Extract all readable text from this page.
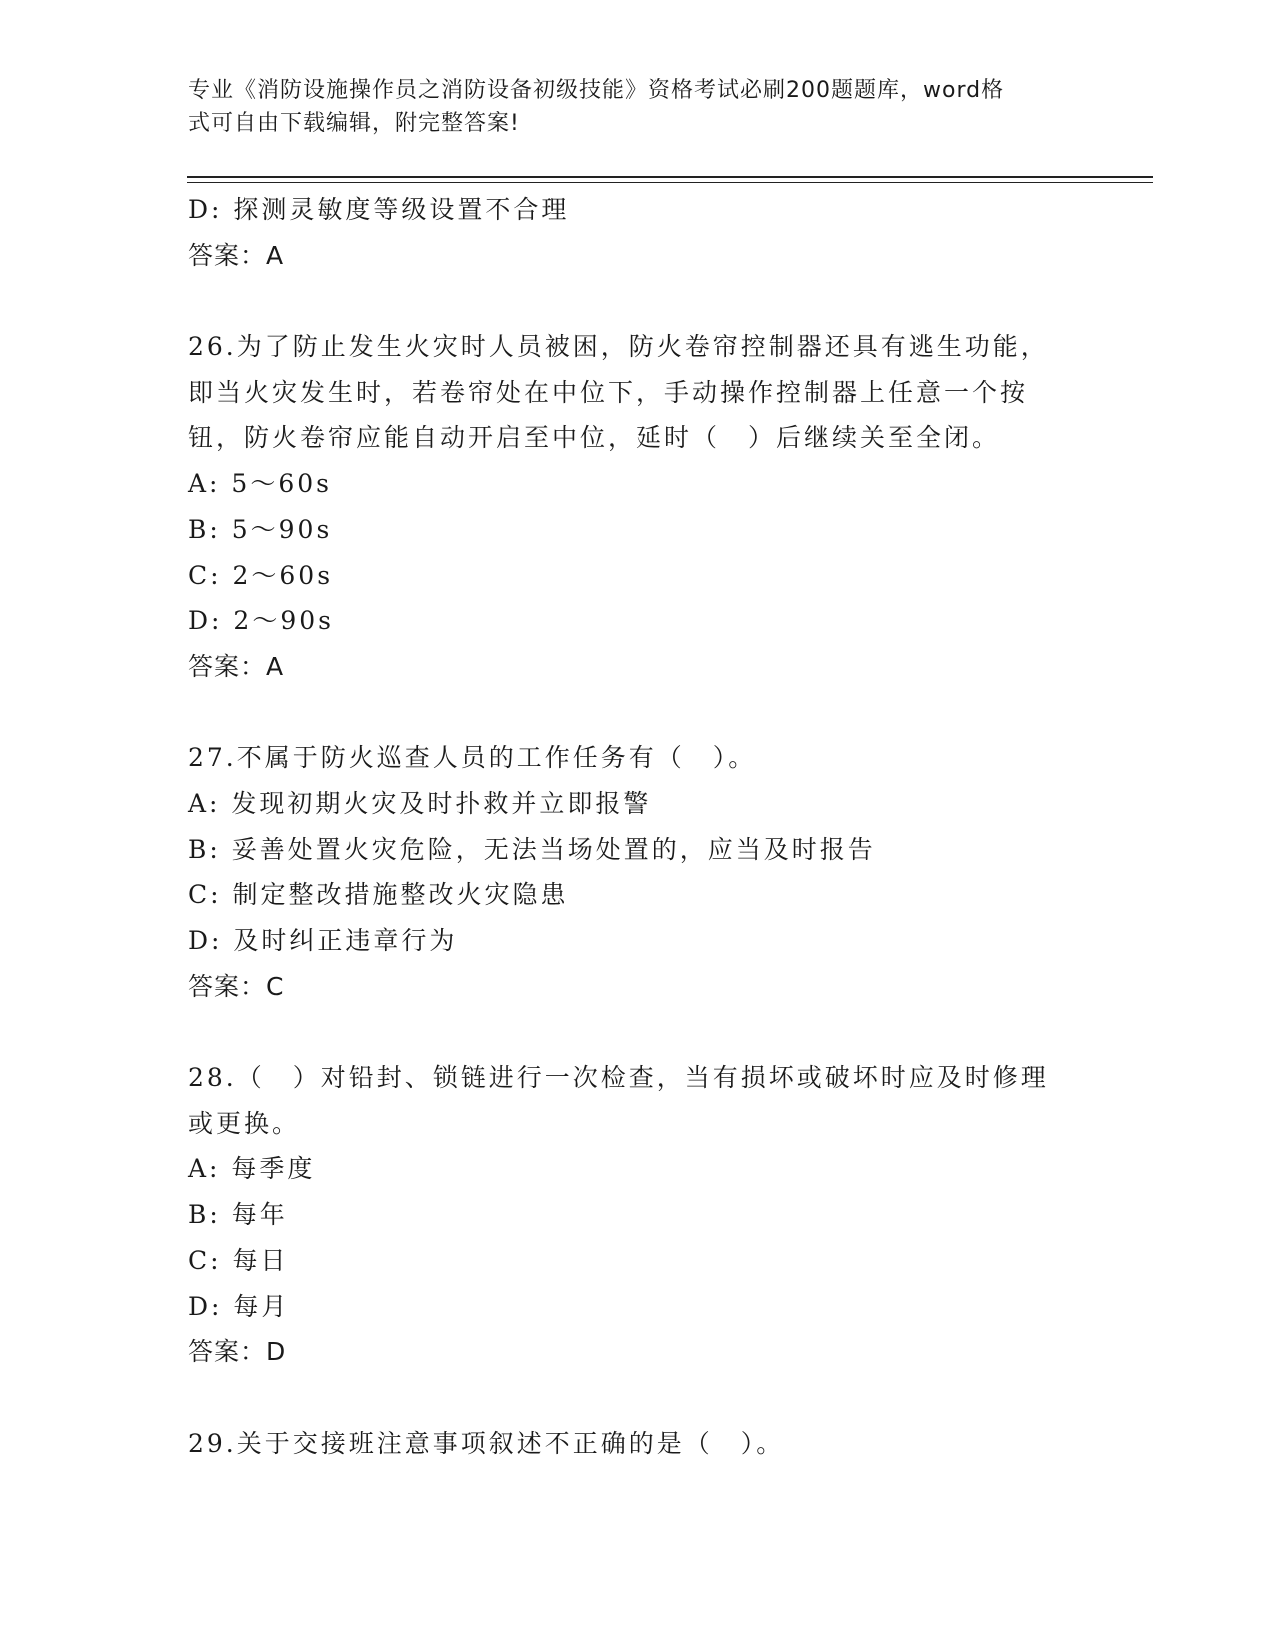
专业《消防设施操作员之消防设备初级技能》资格考试必刷200题题库，word格
式可自由下载编辑，附完整答案!
D: 探测灵敏度等级设置不合理
答案：A
26.为了防止发生火灾时人员被困，防火卷帘控制器还具有逃生功能，
即当火灾发生时，若卷帘处在中位下，手动操作控制器上任意一个按
钮，防火卷帘应能自动开启至中位，延时（　）后继续关至全闭。
A: 5～60s
B: 5～90s
C: 2～60s
D: 2～90s
答案：A
27.不属于防火巡查人员的工作任务有（　）。
A: 发现初期火灾及时扑救并立即报警
B: 妥善处置火灾危险，无法当场处置的，应当及时报告
C: 制定整改措施整改火灾隐患
D: 及时纠正违章行为
答案：C
28.（　）对铅封、锁链进行一次检查，当有损坏或破坏时应及时修理
或更换。
A: 每季度
B: 每年
C: 每日
D: 每月
答案：D
29.关于交接班注意事项叙述不正确的是（　）。
